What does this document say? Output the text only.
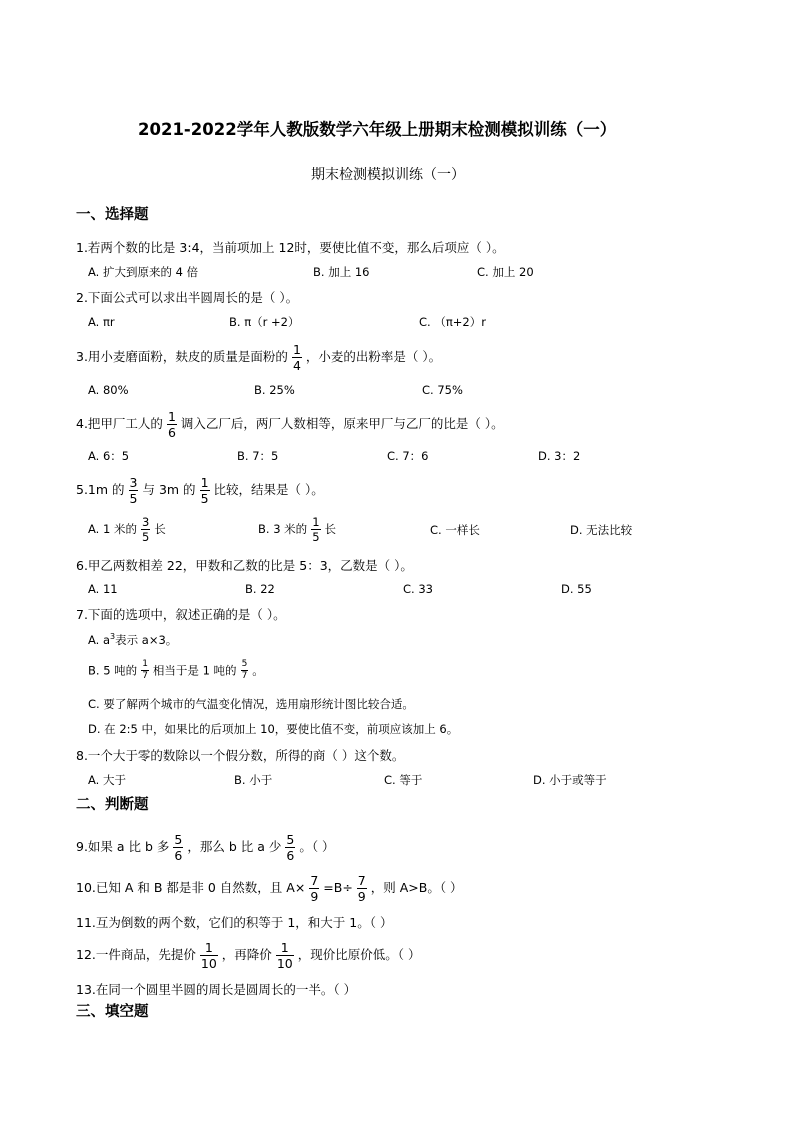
2021-2022学年人教版数学六年级上册期末检测模拟训练（一）
期末检测模拟训练（一）
一、选择题
1.若两个数的比是 3:4，当前项加上 12时，要使比值不变，那么后项应（ ）。
A. 扩大到原来的 4 倍	B. 加上 16	C. 加上 20
2.下面公式可以求出半圆周长的是（ ）。
A. πr	B. π（r +2）	C. （π+2）r
3.用小麦磨面粉，麸皮的质量是面粉的 $\frac{1}{4}$ ，小麦的出粉率是（ ）。
A. 80%	B. 25%	C. 75%
4.把甲厂工人的 $\frac{1}{6}$ 调入乙厂后，两厂人数相等，原来甲厂与乙厂的比是（ ）。
A. 6：5	B. 7：5	C. 7：6	D. 3：2
5.1m 的 $\frac{3}{5}$ 与 3m 的 $\frac{1}{5}$ 比较，结果是（ ）。
A. 1 米的 $\frac{3}{5}$ 长	B. 3 米的 $\frac{1}{5}$ 长	C. 一样长	D. 无法比较
6.甲乙两数相差 22，甲数和乙数的比是 5：3，乙数是（ ）。
A. 11	B. 22	C. 33	D. 55
7.下面的选项中，叙述正确的是（ ）。
A. $a^3$表示 a×3。
B. 5 吨的 $\frac{1}{7}$ 相当于是 1 吨的 $\frac{5}{7}$ 。
C. 要了解两个城市的气温变化情况，选用扇形统计图比较合适。
D. 在 2:5 中，如果比的后项加上 10，要使比值不变，前项应该加上 6。
8.一个大于零的数除以一个假分数，所得的商（ ）这个数。
A. 大于	B. 小于	C. 等于	D. 小于或等于
二、判断题
9.如果 a 比 b 多 $\frac{5}{6}$ ，那么 b 比 a 少 $\frac{5}{6}$ 。（ ）
10.已知 A 和 B 都是非 0 自然数，且 $A\times \frac{7}{9} =B\div \frac{7}{9}$ ，则 A>B。（ ）
11.互为倒数的两个数，它们的积等于 1，和大于 1。（ ）
12.一件商品，先提价 $\frac{1}{10}$ ，再降价 $\frac{1}{10}$ ，现价比原价低。（ ）
13.在同一个圆里半圆的周长是圆周长的一半。（ ）
三、填空题
